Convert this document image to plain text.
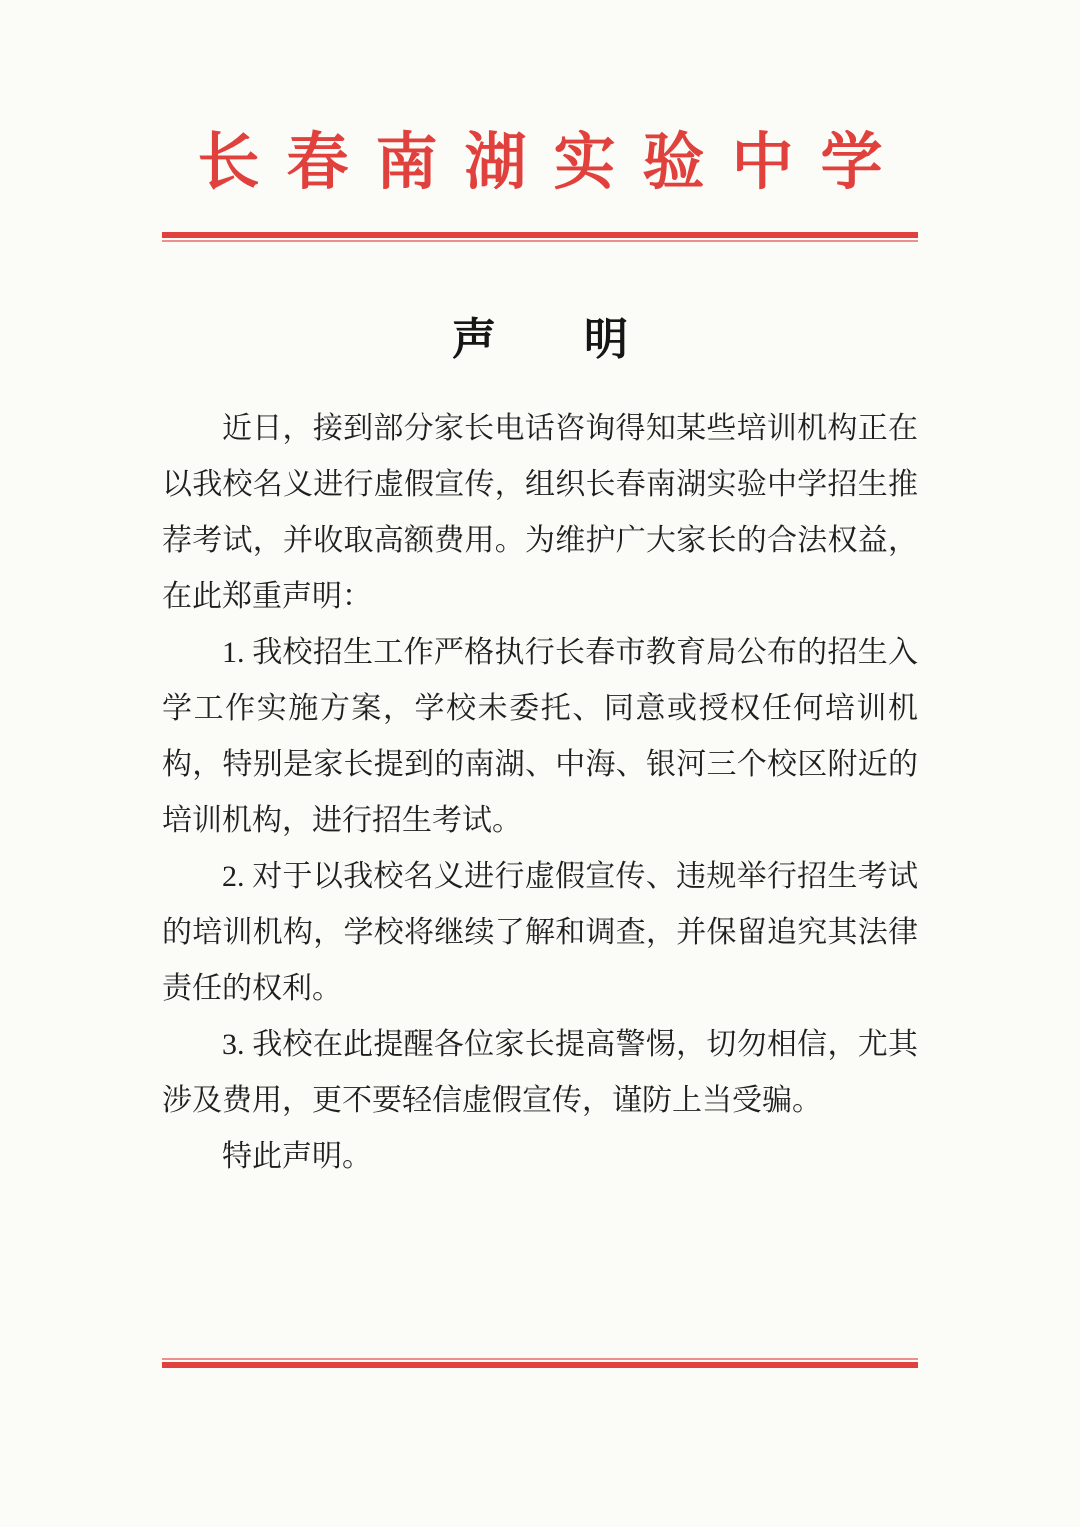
长春南湖实验中学
声　　明

近日，接到部分家长电话咨询得知某些培训机构正在以我校名义进行虚假宣传，组织长春南湖实验中学招生推荐考试，并收取高额费用。为维护广大家长的合法权益，在此郑重声明：

1. 我校招生工作严格执行长春市教育局公布的招生入学工作实施方案，学校未委托、同意或授权任何培训机构，特别是家长提到的南湖、中海、银河三个校区附近的培训机构，进行招生考试。

2. 对于以我校名义进行虚假宣传、违规举行招生考试的培训机构，学校将继续了解和调查，并保留追究其法律责任的权利。

3. 我校在此提醒各位家长提高警惕，切勿相信，尤其涉及费用，更不要轻信虚假宣传，谨防上当受骗。

特此声明。
